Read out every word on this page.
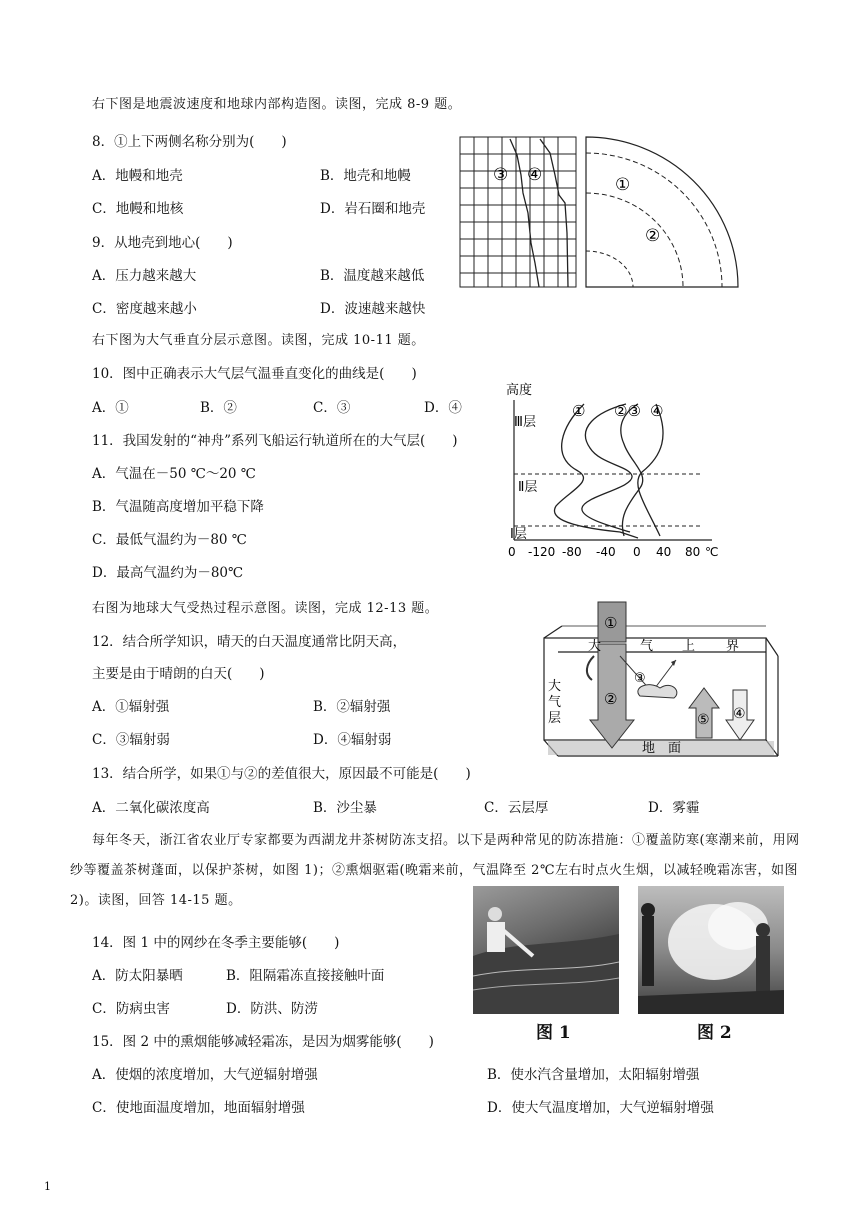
右下图是地震波速度和地球内部构造图。读图，完成 8-9 题。
8．①上下两侧名称分别为(　　)
A．地幔和地壳	B．地壳和地幔
C．地幔和地核	D．岩石圈和地壳
9．从地壳到地心(　　)
A．压力越来越大	B．温度越来越低
C．密度越来越小	D．波速越来越快
③ ④	①
②
右下图为大气垂直分层示意图。读图，完成 10-11 题。
10．图中正确表示大气层气温垂直变化的曲线是(　　)
A．①	B．②	C．③	D．④
11．我国发射的“神舟”系列飞船运行轨道所在的大气层(　　)
A．气温在－50 ℃～20 ℃
B．气温随高度增加平稳下降
C．最低气温约为－80 ℃
D．最高气温约为－80℃
高度
Ⅲ层
Ⅱ层
Ⅰ层
① ②③ ④
0 -120 -80 -40 0 40 80 ℃
右图为地球大气受热过程示意图。读图，完成 12-13 题。
12．结合所学知识，晴天的白天温度通常比阴天高，
主要是由于晴朗的白天(　　)
A．①辐射强	B．②辐射强
C．③辐射弱	D．④辐射弱
大	气 上 界
大
气
层
地 面
①
②
③
④
⑤
13．结合所学，如果①与②的差值很大，原因最不可能是(　　)
A．二氧化碳浓度高	B．沙尘暴	C．云层厚	D．雾霾
每年冬天，浙江省农业厅专家都要为西湖龙井茶树防冻支招。以下是两种常见的防冻措施：①覆盖防寒(寒潮来前，用网纱等覆盖茶树蓬面，以保护茶树，如图 1)；②熏烟驱霜(晚霜来前，气温降至 2℃左右时点火生烟，以减轻晚霜冻害，如图 2)。读图，回答 14-15 题。
14．图 1 中的网纱在冬季主要能够(　　)
A．防太阳暴晒	B．阻隔霜冻直接接触叶面
C．防病虫害	D．防洪、防涝
图 1	图 2
15．图 2 中的熏烟能够减轻霜冻，是因为烟雾能够(　　)
A．使烟的浓度增加，大气逆辐射增强	B．使水汽含量增加，太阳辐射增强
C．使地面温度增加，地面辐射增强	D．使大气温度增加，大气逆辐射增强
1
